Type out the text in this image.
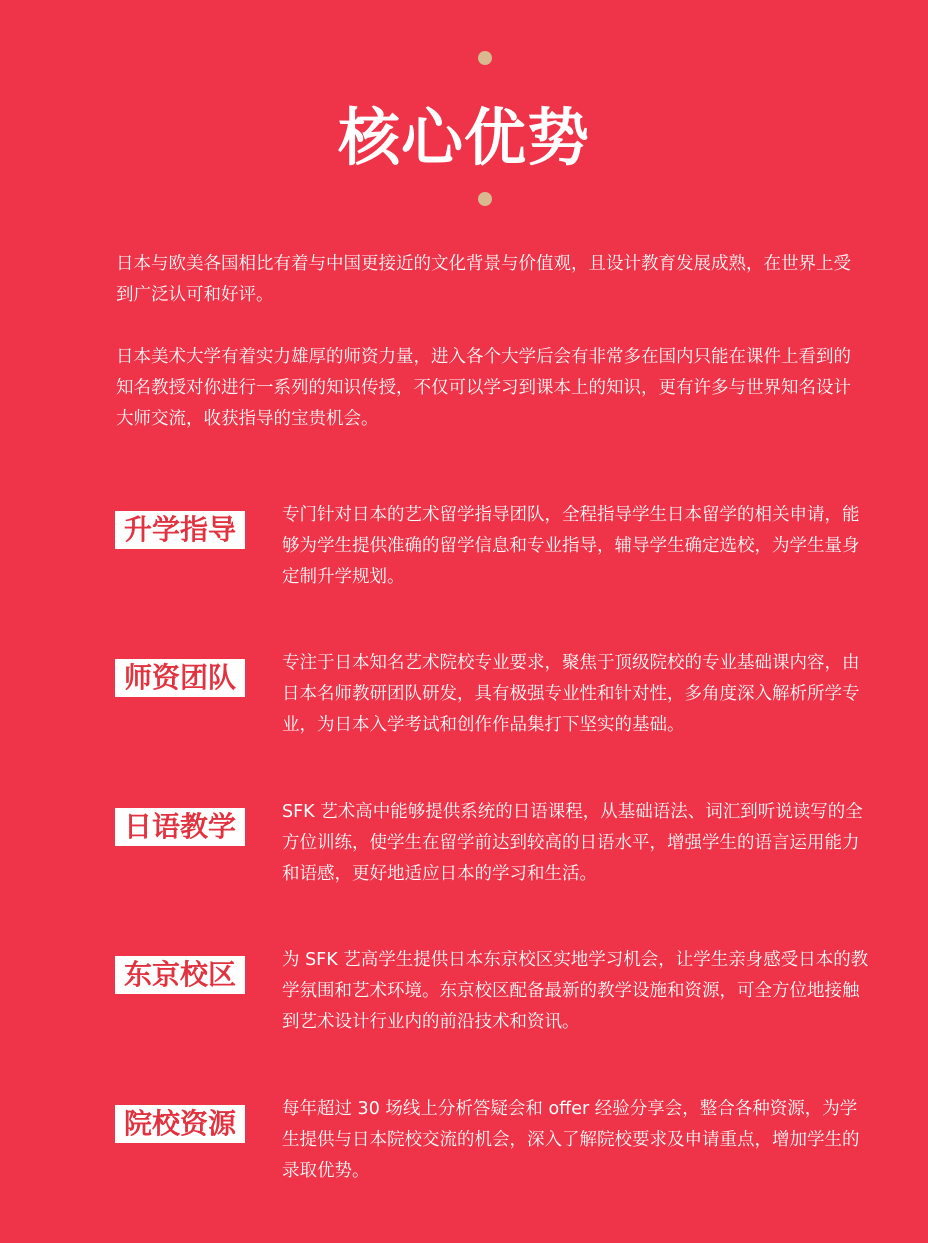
核心优势

日本与欧美各国相比有着与中国更接近的文化背景与价值观，且设计教育发展成熟，在世界上受到广泛认可和好评。

日本美术大学有着实力雄厚的师资力量，进入各个大学后会有非常多在国内只能在课件上看到的知名教授对你进行一系列的知识传授，不仅可以学习到课本上的知识，更有许多与世界知名设计大师交流，收获指导的宝贵机会。

升学指导	专门针对日本的艺术留学指导团队，全程指导学生日本留学的相关申请，能够为学生提供准确的留学信息和专业指导，辅导学生确定选校，为学生量身定制升学规划。

师资团队	专注于日本知名艺术院校专业要求，聚焦于顶级院校的专业基础课内容，由日本名师教研团队研发，具有极强专业性和针对性，多角度深入解析所学专业，为日本入学考试和创作作品集打下坚实的基础。

日语教学	SFK 艺术高中能够提供系统的日语课程，从基础语法、词汇到听说读写的全方位训练，使学生在留学前达到较高的日语水平，增强学生的语言运用能力和语感，更好地适应日本的学习和生活。

东京校区	为 SFK 艺高学生提供日本东京校区实地学习机会，让学生亲身感受日本的教学氛围和艺术环境。东京校区配备最新的教学设施和资源，可全方位地接触到艺术设计行业内的前沿技术和资讯。

院校资源	每年超过 30 场线上分析答疑会和 offer 经验分享会，整合各种资源，为学生提供与日本院校交流的机会，深入了解院校要求及申请重点，增加学生的录取优势。
